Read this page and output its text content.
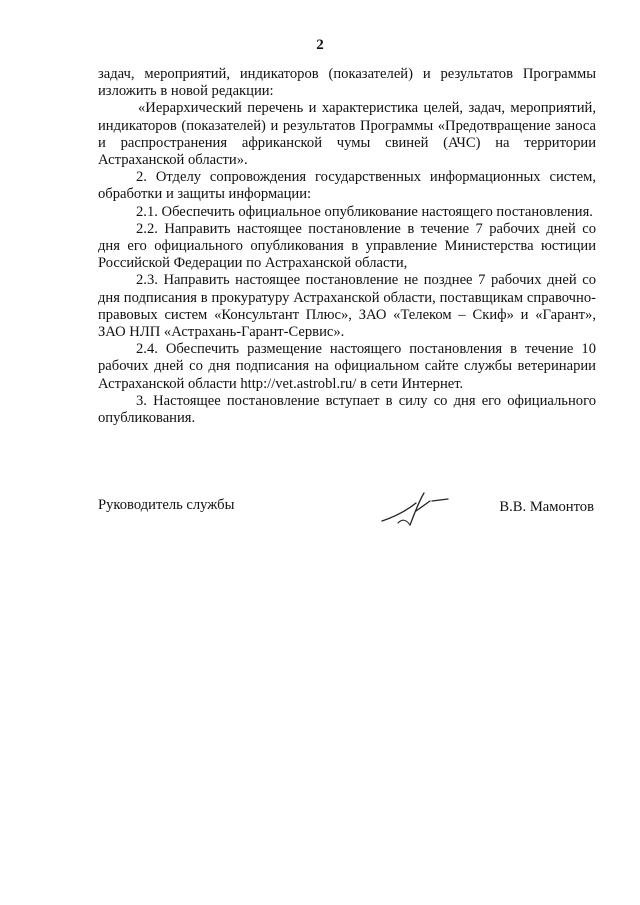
2

задач, мероприятий, индикаторов (показателей) и результатов Программы изложить в новой редакции:

«Иерархический перечень и характеристика целей, задач, мероприятий, индикаторов (показателей) и результатов Программы «Предотвращение заноса и распространения африканской чумы свиней (АЧС) на территории Астраханской области».

2. Отделу сопровождения государственных информационных систем, обработки и защиты информации:

2.1. Обеспечить официальное опубликование настоящего постановления.

2.2. Направить настоящее постановление в течение 7 рабочих дней со дня его официального опубликования в управление Министерства юстиции Российской Федерации по Астраханской области,

2.3. Направить настоящее постановление не позднее 7 рабочих дней со дня подписания в прокуратуру Астраханской области, поставщикам справочно-правовых систем «Консультант Плюс», ЗАО «Телеком – Скиф» и «Гарант», ЗАО НЛП «Астрахань-Гарант-Сервис».

2.4. Обеспечить размещение настоящего постановления в течение 10 рабочих дней со дня подписания на официальном сайте службы ветеринарии Астраханской области http://vet.astrobl.ru/ в сети Интернет.

3. Настоящее постановление вступает в силу со дня его официального опубликования.

Руководитель службы	В.В. Мамонтов
